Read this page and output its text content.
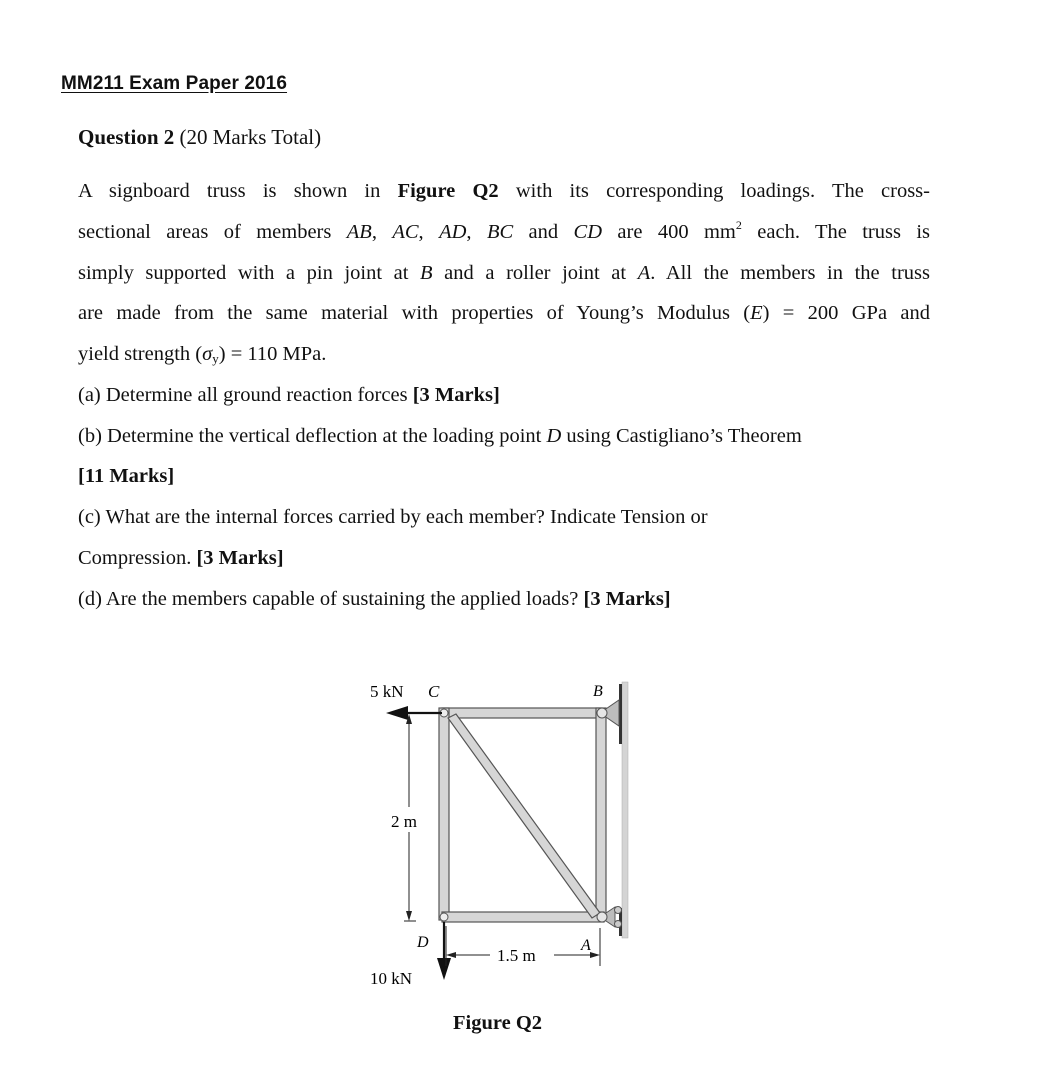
MM211 Exam Paper 2016
Question 2 (20 Marks Total)
A signboard truss is shown in Figure Q2 with its corresponding loadings. The cross-
sectional areas of members AB, AC, AD, BC and CD are 400 $mm^2$ each. The truss is
simply supported with a pin joint at B and a roller joint at A. All the members in the truss
are made from the same material with properties of Young’s Modulus (E) = 200 GPa and
yield strength $(\sigma_y) = 110$ MPa.
(a) Determine all ground reaction forces [3 Marks]
(b) Determine the vertical deflection at the loading point D using Castigliano’s Theorem
[11 Marks]
(c) What are the internal forces carried by each member? Indicate Tension or
Compression. [3 Marks]
(d) Are the members capable of sustaining the applied loads? [3 Marks]
5 kN C	B
2 m
D
1.5 m
A
10 kN
Figure Q2
